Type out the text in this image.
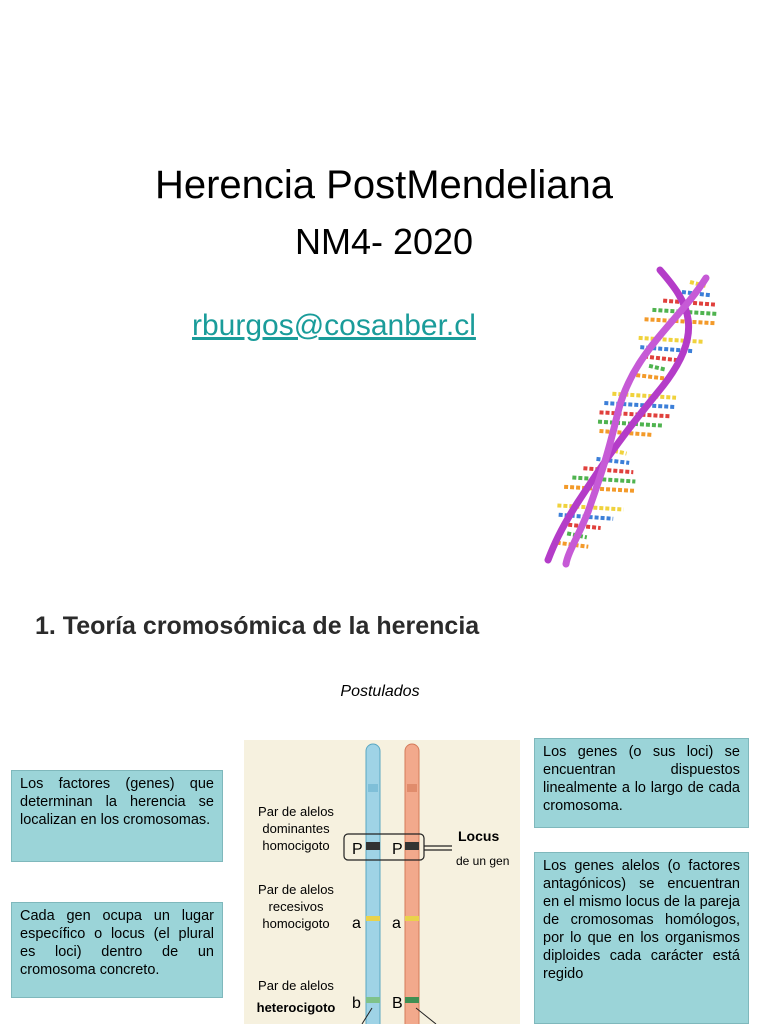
Herencia PostMendeliana
NM4- 2020
rburgos@cosanber.cl
1. Teoría cromosómica de la herencia
Postulados
Los factores (genes) que determinan la herencia se localizan en los cromosomas.
Cada gen ocupa un lugar específico o locus (el plural es loci) dentro de un cromosoma concreto.
Los genes (o sus loci) se encuentran dispuestos linealmente a lo largo de cada cromosoma.
Los genes alelos (o factores antagónicos) se encuentran en el mismo locus de la pareja de cromosomas homólogos, por lo que en los organismos diploides cada carácter está regido
Par de alelos
dominantes
homocigoto
Par de alelos
recesivos
homocigoto
Par de alelos
heterocigoto
P P
a a
b B
Locus
de un gen
